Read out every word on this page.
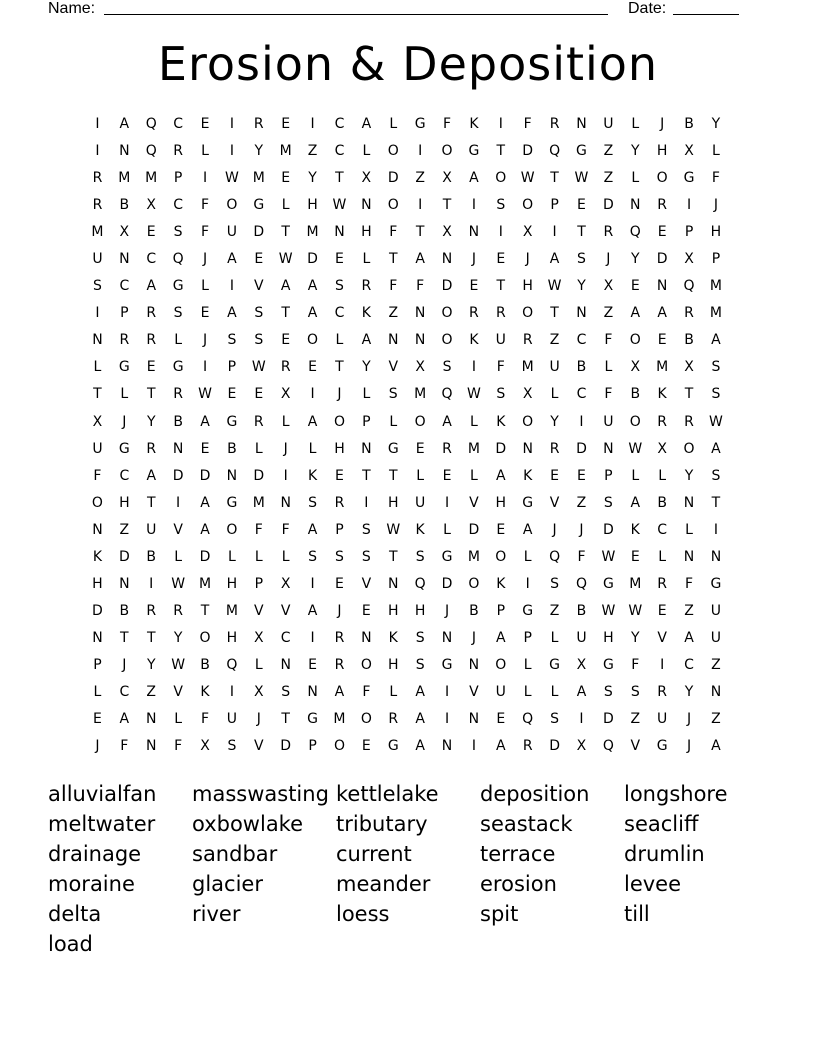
Name:	Date:
Erosion & Deposition
I	A	Q	C	E	I	R	E	I	C	A	L	G	F	K	I	F	R	N	U	L	J	B	Y
I	N	Q	R	L	I	Y	M	Z	C	L	O	I	O	G	T	D	Q	G	Z	Y	H	X	L
R	M	M	P	I	W M	E	Y	T	X	D	Z	X	A	O	W	T	W	Z	L	O	G	F
R	B	X	C	F	O	G	L	H	W	N	O	I	T	I	S	O	P	E	D	N	R	I	J
M	X	E	S	F	U	D	T	M	N	H	F	T	X	N	I	X	I	T	R	Q	E	P	H
U	N	C	Q	J	A	E	W	D	E	L	T	A	N	J	E	J	A	S	J	Y	D	X	P
S	C	A	G	L	I	V	A	A	S	R	F	F	D	E	T	H	W	Y	X	E	N	Q	M
I	P	R	S	E	A	S	T	A	C	K	Z	N	O	R	R	O	T	N	Z	A	A	R	M
N	R	R	L	J	S	S	E	O	L	A	N	N	O	K	U	R	Z	C	F	O	E	B	A
L	G	E	G	I	P	W	R	E	T	Y	V	X	S	I	F	M	U	B	L	X	M	X	S
T	L	T	R	W	E	E	X	I	J	L	S	M	Q	W	S	X	L	C	F	B	K	T	S
X	J	Y	B	A	G	R	L	A	O	P	L	O	A	L	K	O	Y	I	U	O	R	R	W
U	G	R	N	E	B	L	J	L	H	N	G	E	R	M	D	N	R	D	N	W	X	O	A
F	C	A	D	D	N	D	I	K	E	T	T	L	E	L	A	K	E	E	P	L	L	Y	S
O	H	T	I	A	G	M	N	S	R	I	H	U	I	V	H	G	V	Z	S	A	B	N	T
N	Z	U	V	A	O	F	F	A	P	S	W	K	L	D	E	A	J	J	D	K	C	L	I
K	D	B	L	D	L	L	L	S	S	S	T	S	G	M	O	L	Q	F	W	E	L	N	N
H	N	I	W M	H	P	X	I	E	V	N	Q	D	O	K	I	S	Q	G	M	R	F	G
D	B	R	R	T	M	V	V	A	J	E	H	H	J	B	P	G	Z	B	W W	E	Z	U
N	T	T	Y	O	H	X	C	I	R	N	K	S	N	J	A	P	L	U	H	Y	V	A	U
P	J	Y	W	B	Q	L	N	E	R	O	H	S	G	N	O	L	G	X	G	F	I	C	Z
L	C	Z	V	K	I	X	S	N	A	F	L	A	I	V	U	L	L	A	S	S	R	Y	N
E	A	N	L	F	U	J	T	G	M	O	R	A	I	N	E	Q	S	I	D	Z	U	J	Z
J	F	N	F	X	S	V	D	P	O	E	G	A	N	I	A	R	D	X	Q	V	G	J	A
alluvialfan	masswasting kettlelake	deposition	longshore
meltwater	oxbowlake	tributary	seastack	seacliff
drainage	sandbar	current	terrace	drumlin
moraine	glacier	meander	erosion	levee
delta	river	loess	spit	till
load
